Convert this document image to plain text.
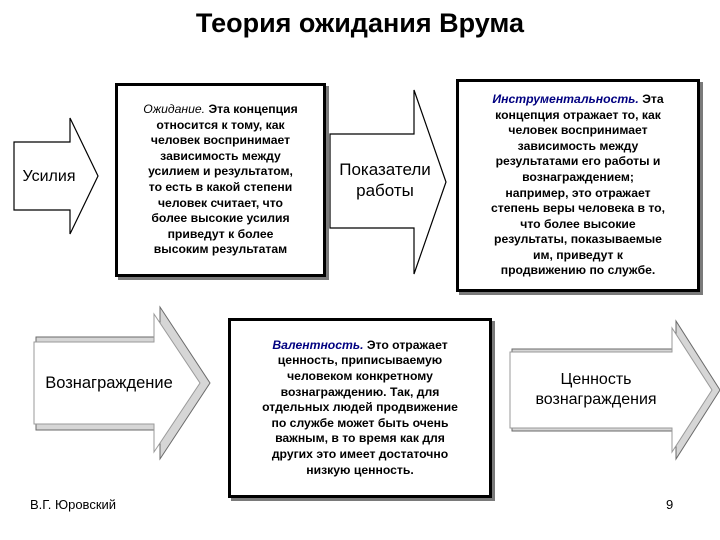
Теория ожидания Врума
Усилия	Показатели
работы
Вознаграждение	Ценность
вознаграждения

Ожидание. Эта концепция

относится к тому, как

человек воспринимает

зависимость между

усилием и результатом,

то есть в какой степени

человек считает, что

более высокие усилия

приведут к более

высоким результатам

Инструментальность. Эта

концепция отражает то, как

человек воспринимает

зависимость между

результатами его работы и

вознаграждением;

например, это отражает

степень веры человека в то,

что более высокие

результаты, показываемые

им, приведут к

продвижению по службе.

Валентность. Это отражает

ценность, приписываемую

человеком конкретному

вознаграждению. Так, для

отдельных людей продвижение

по службе может быть очень

важным, в то время как для

других это имеет достаточно

низкую ценность.

В.Г. Юровский	9
